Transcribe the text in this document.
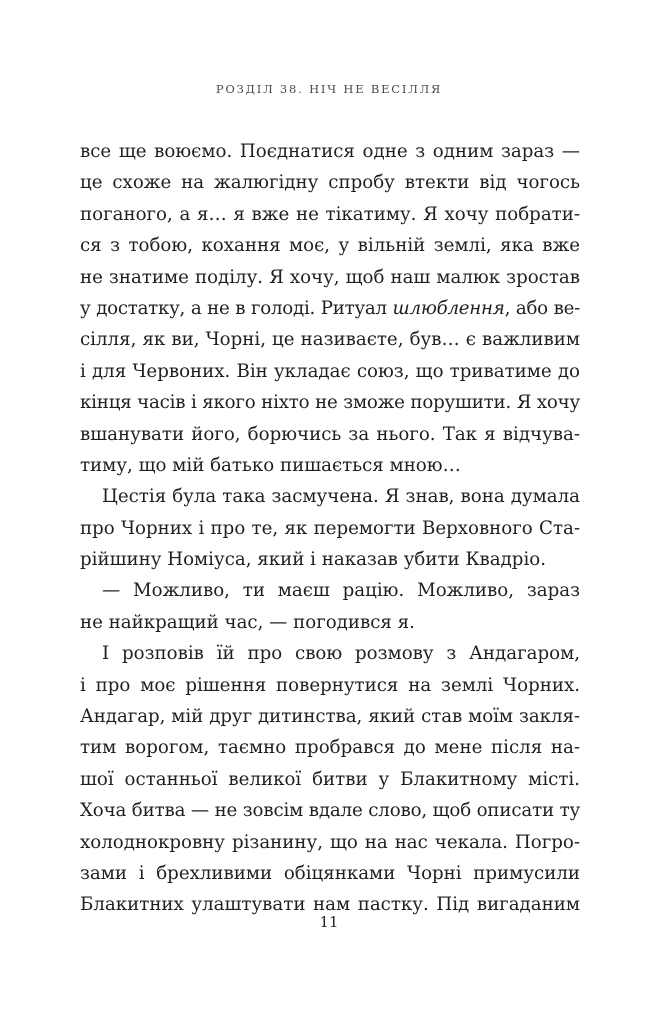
РОЗДІЛ 38. НІЧ НЕ ВЕСІЛЛЯ
все ще воюємо. Поєднатися одне з одним зараз —
це схоже на жалюгідну спробу втекти від чогось
поганого, а я… я вже не тікатиму. Я хочу побрати-
ся з тобою, кохання моє, у вільній землі, яка вже
не знатиме поділу. Я хочу, щоб наш малюк зростав
у достатку, а не в голоді. Ритуал шлюблення, або ве-
сілля, як ви, Чорні, це називаєте, був… є важливим
і для Червоних. Він укладає союз, що триватиме до
кінця часів і якого ніхто не зможе порушити. Я хочу
вшанувати його, борючись за нього. Так я відчува-
тиму, що мій батько пишається мною…
Цестія була така засмучена. Я знав, вона думала
про Чорних і про те, як перемогти Верховного Ста-
рійшину Номіуса, який і наказав убити Квадріо.
— Можливо, ти маєш рацію. Можливо, зараз
не найкращий час, — погодився я.
І розповів їй про свою розмову з Андагаром,
і про моє рішення повернутися на землі Чорних.
Андагар, мій друг дитинства, який став моїм закля-
тим ворогом, таємно пробрався до мене після на-
шої останньої великої битви у Блакитному місті.
Хоча битва — не зовсім вдале слово, щоб описати ту
холоднокровну різанину, що на нас чекала. Погро-
зами і брехливими обіцянками Чорні примусили
Блакитних улаштувати нам пастку. Під вигаданим
11
